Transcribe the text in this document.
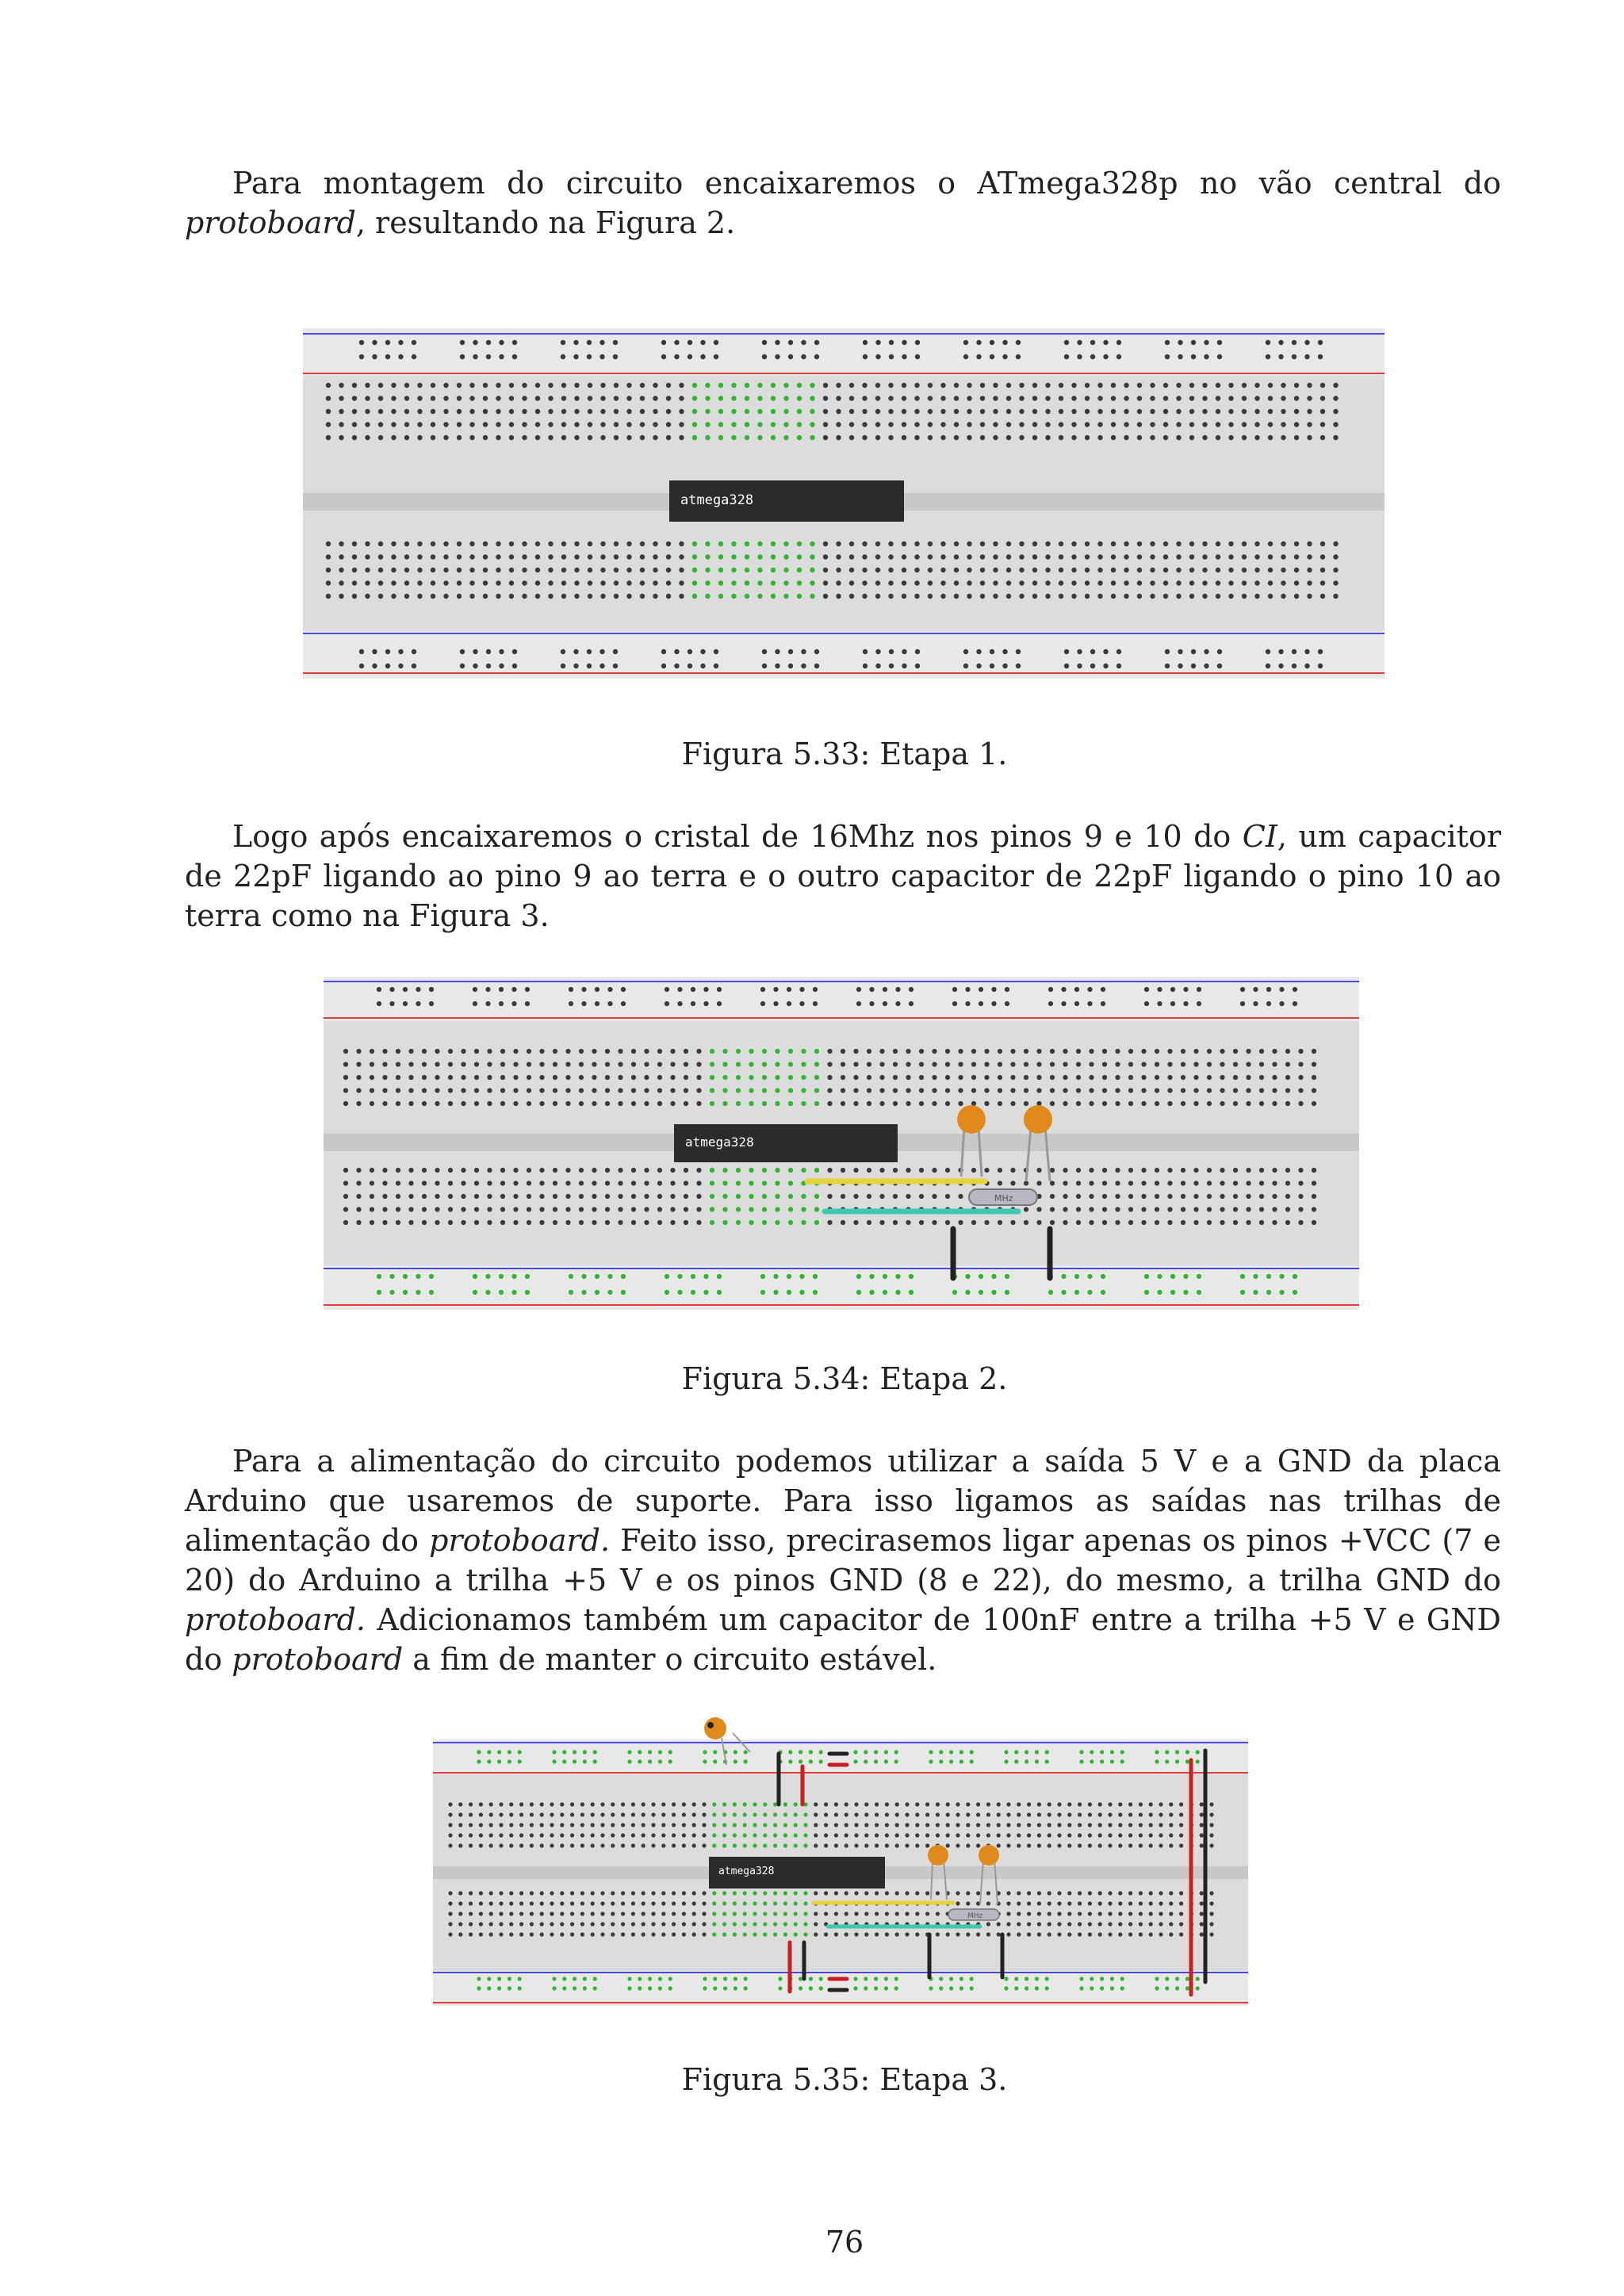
Para montagem do circuito encaixaremos o ATmega328p no vão central do protoboard, resultando na Figura 2.

atmega328

Figura 5.33: Etapa 1.

Logo após encaixaremos o cristal de 16Mhz nos pinos 9 e 10 do CI, um capacitor de 22pF ligando ao pino 9 ao terra e o outro capacitor de 22pF ligando o pino 10 ao terra como na Figura 3.

atmega328
MHz

Figura 5.34: Etapa 2.

Para a alimentação do circuito podemos utilizar a saída 5 V e a GND da placa Arduino que usaremos de suporte. Para isso ligamos as saídas nas trilhas de alimentação do protoboard. Feito isso, precirasemos ligar apenas os pinos +VCC (7 e 20) do Arduino a trilha +5 V e os pinos GND (8 e 22), do mesmo, a trilha GND do protoboard. Adicionamos também um capacitor de 100nF entre a trilha +5 V e GND do protoboard a fim de manter o circuito estável.

atmega328
MHz

Figura 5.35: Etapa 3.

76
